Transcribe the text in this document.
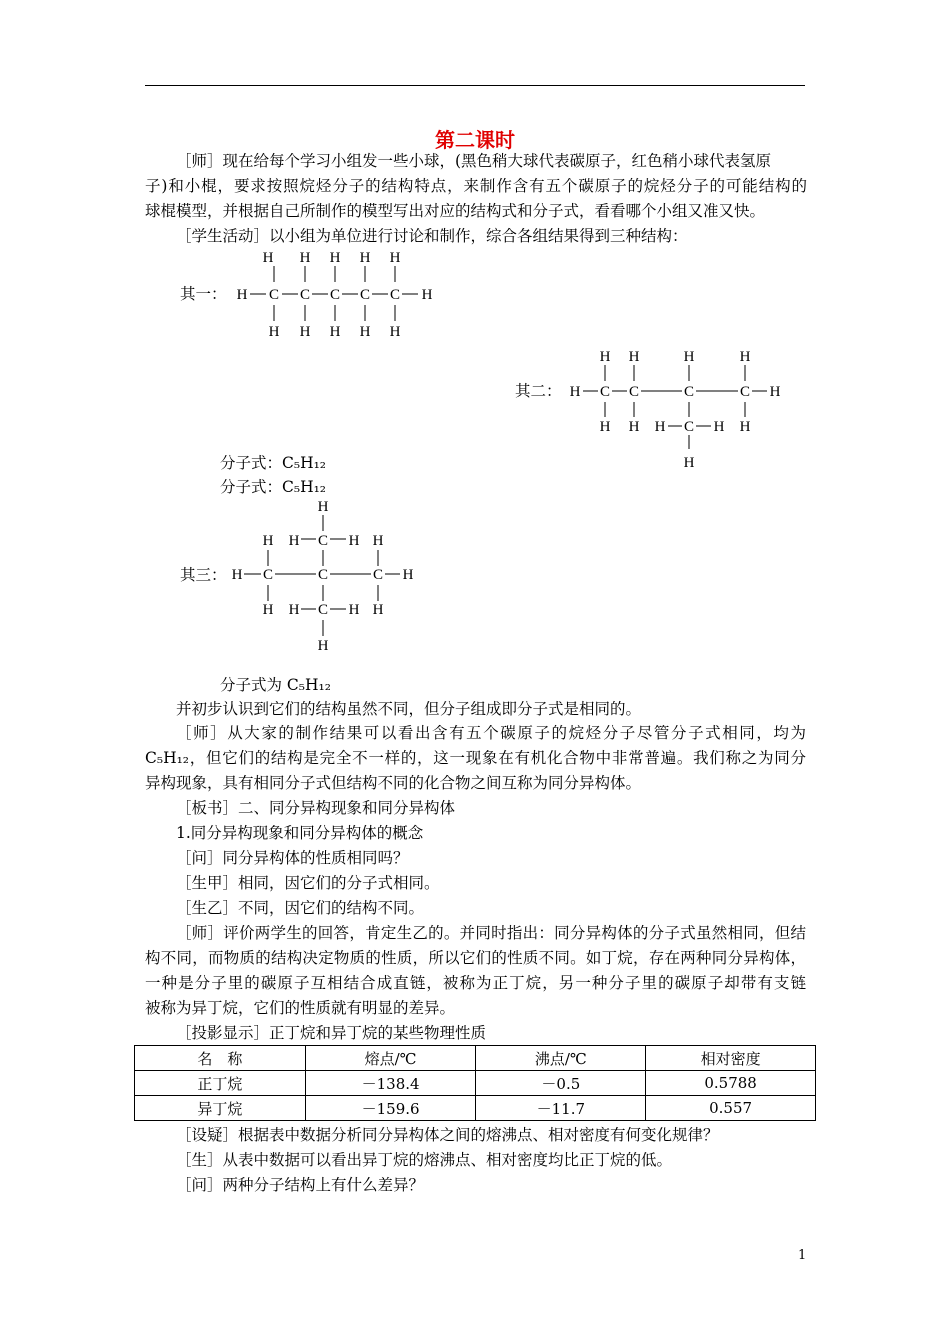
第二课时
［师］现在给每个学习小组发一些小球，(黑色稍大球代表碳原子，红色稍小球代表氢原
子)和小棍，要求按照烷烃分子的结构特点，来制作含有五个碳原子的烷烃分子的可能结构的
球棍模型，并根据自己所制作的模型写出对应的结构式和分子式，看看哪个小组又准又快。
［学生活动］以小组为单位进行讨论和制作，综合各组结果得到三种结构：
其一：
H H H H H
H C C C C C H
H H H H H
其二：
H H	H	H
H C C	C	C H
H H H C H H
H
分子式：C₅H₁₂
分子式：C₅H₁₂
其三：
H
H H C H H
H C	C	C H
H H C H H
H
分子式为 C₅H₁₂
并初步认识到它们的结构虽然不同，但分子组成即分子式是相同的。
［师］从大家的制作结果可以看出含有五个碳原子的烷烃分子尽管分子式相同，均为
C₅H₁₂，但它们的结构是完全不一样的，这一现象在有机化合物中非常普遍。我们称之为同分
异构现象，具有相同分子式但结构不同的化合物之间互称为同分异构体。
［板书］二、同分异构现象和同分异构体
1.同分异构现象和同分异构体的概念
［问］同分异构体的性质相同吗？
［生甲］相同，因它们的分子式相同。
［生乙］不同，因它们的结构不同。
［师］评价两学生的回答，肯定生乙的。并同时指出：同分异构体的分子式虽然相同，但结
构不同，而物质的结构决定物质的性质，所以它们的性质不同。如丁烷，存在两种同分异构体，
一种是分子里的碳原子互相结合成直链，被称为正丁烷，另一种分子里的碳原子却带有支链
被称为异丁烷，它们的性质就有明显的差异。
［投影显示］正丁烷和异丁烷的某些物理性质
名　称	熔点/℃	沸点/℃	相对密度
正丁烷	－138.4	－0.5	0.5788
异丁烷	－159.6	－11.7	0.557
［设疑］根据表中数据分析同分异构体之间的熔沸点、相对密度有何变化规律？
［生］从表中数据可以看出异丁烷的熔沸点、相对密度均比正丁烷的低。
［问］两种分子结构上有什么差异？
1
